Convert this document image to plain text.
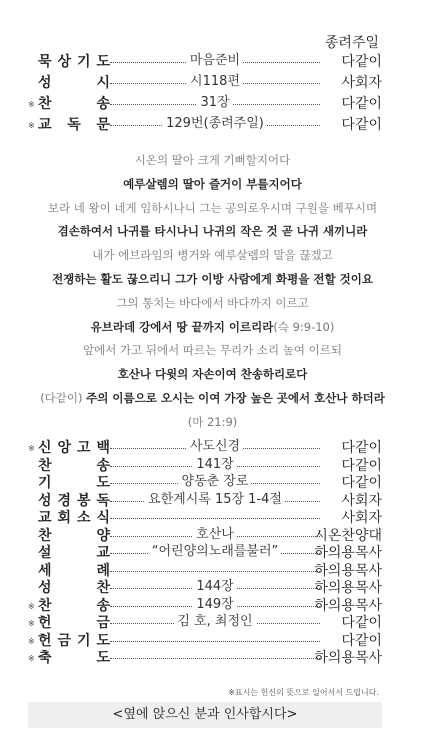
종려주일
묵 상 기 도	마음준비	다같이
성	시	시118편	사회자
※ 찬	송	31장	다같이
※ 교 독 문	129번(종려주일)	다같이
시온의 딸아 크게 기뻐할지어다
예루살렘의 딸아 즐거이 부를지어다
보라 네 왕이 네게 임하시나니 그는 공의로우시며 구원을 베푸시며
겸손하여서 나귀를 타시나니 나귀의 작은 것 곧 나귀 새끼니라
내가 에브라임의 병거와 예루살렘의 말을 끊겠고
전쟁하는 활도 끊으리니 그가 이방 사람에게 화평을 전할 것이요
그의 통치는 바다에서 바다까지 이르고
유브라데 강에서 땅 끝까지 이르리라(슥 9:9-10)
앞에서 가고 뒤에서 따르는 무리가 소리 높여 이르되
호산나 다윗의 자손이여 찬송하리로다
(다같이) 주의 이름으로 오시는 이여 가장 높은 곳에서 호산나 하더라
(마 21:9)
※ 신 앙 고 백	사도신경	다같이
찬	송	141장	다같이
기	도	양동춘 장로	다같이
성 경 봉 독	요한계시록 15장 1-4절	사회자
교 회 소 식	사회자
찬	양	호산나	시온찬양대
설	교	“어린양의노래를불러”	하의용목사
세	례	하의용목사
성	찬	144장	하의용목사
※ 찬	송	149장	하의용목사
※ 헌	금	김 호, 최정인	다같이
※ 헌 금 기 도	다같이
※ 축	도	하의용목사
※표시는 헌신의 뜻으로 일어서서 드립니다.
<옆에 앉으신 분과 인사합시다>
